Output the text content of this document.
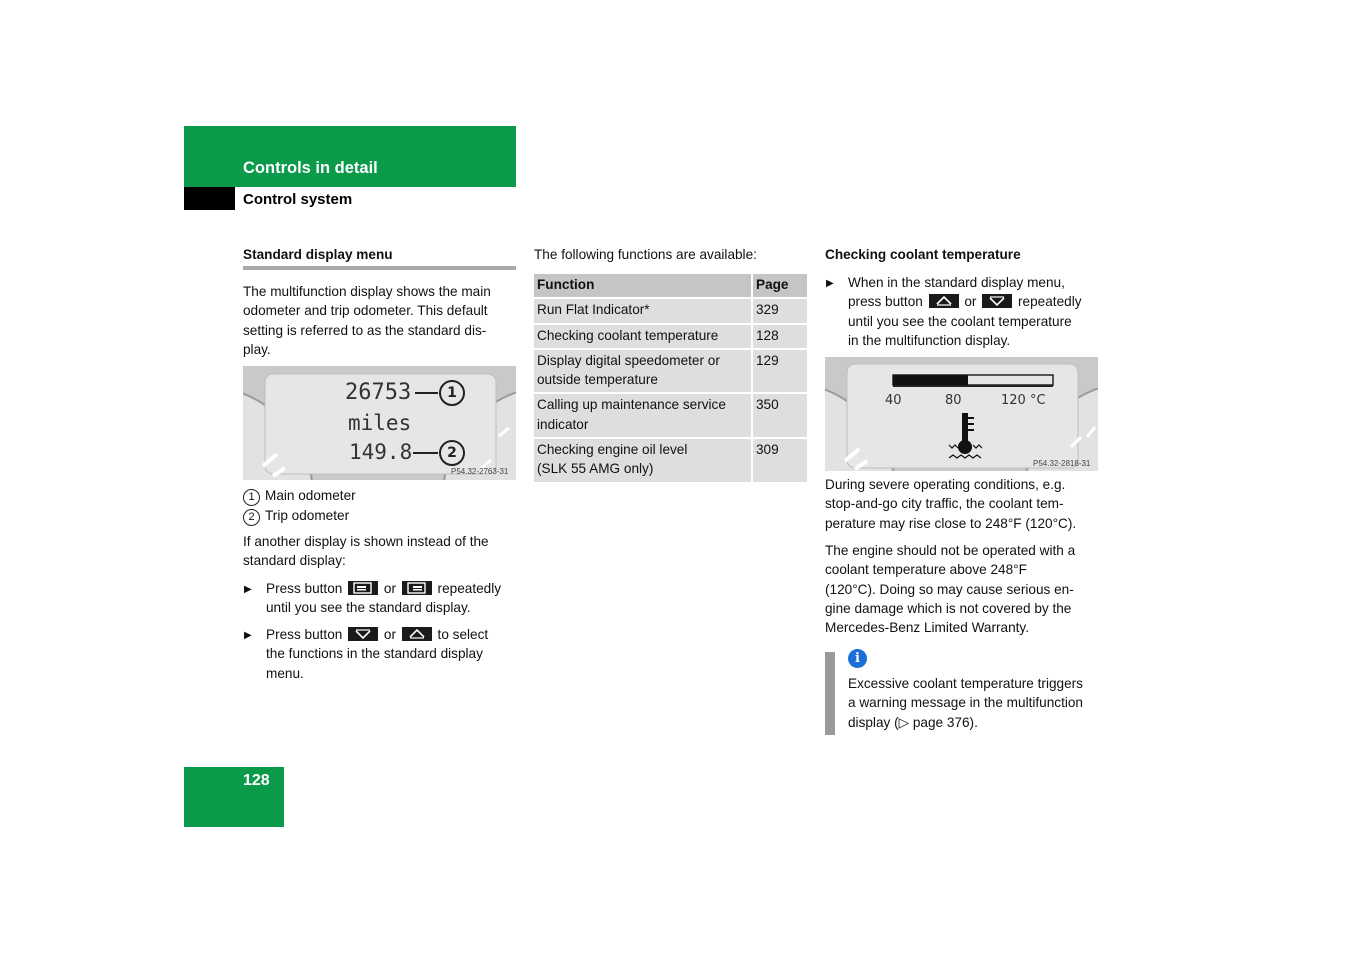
Controls in detail
Control system
Standard display menu
The multifunction display shows the main
odometer and trip odometer. This default
setting is referred to as the standard dis-
play.
26753
miles
149.8
1
2
P54.32-2763-31
1 Main odometer
2 Trip odometer
If another display is shown instead of the
standard display:
▶ Press button	or	repeatedly
until you see the standard display.
▶ Press button	or	to select
the functions in the standard display
menu.
The following functions are available:
Function	Page

Run Flat Indicator*	329

Checking coolant temperature	128

Display digital speedometer or
outside temperature	129

Calling up maintenance service
indicator	350

Checking engine oil level
(SLK 55 AMG only)	309
Checking coolant temperature
▶ When in the standard display menu,
press button	or	repeatedly
until you see the coolant temperature
in the multifunction display.
40	80	120 °C
P54.32-2818-31
During severe operating conditions, e.g.
stop-and-go city traffic, the coolant tem-
perature may rise close to 248°F (120°C).
The engine should not be operated with a
coolant temperature above 248°F
(120°C). Doing so may cause serious en-
gine damage which is not covered by the
Mercedes-Benz Limited Warranty.
i
Excessive coolant temperature triggers
a warning message in the multifunction
display (▷ page 376).
128
